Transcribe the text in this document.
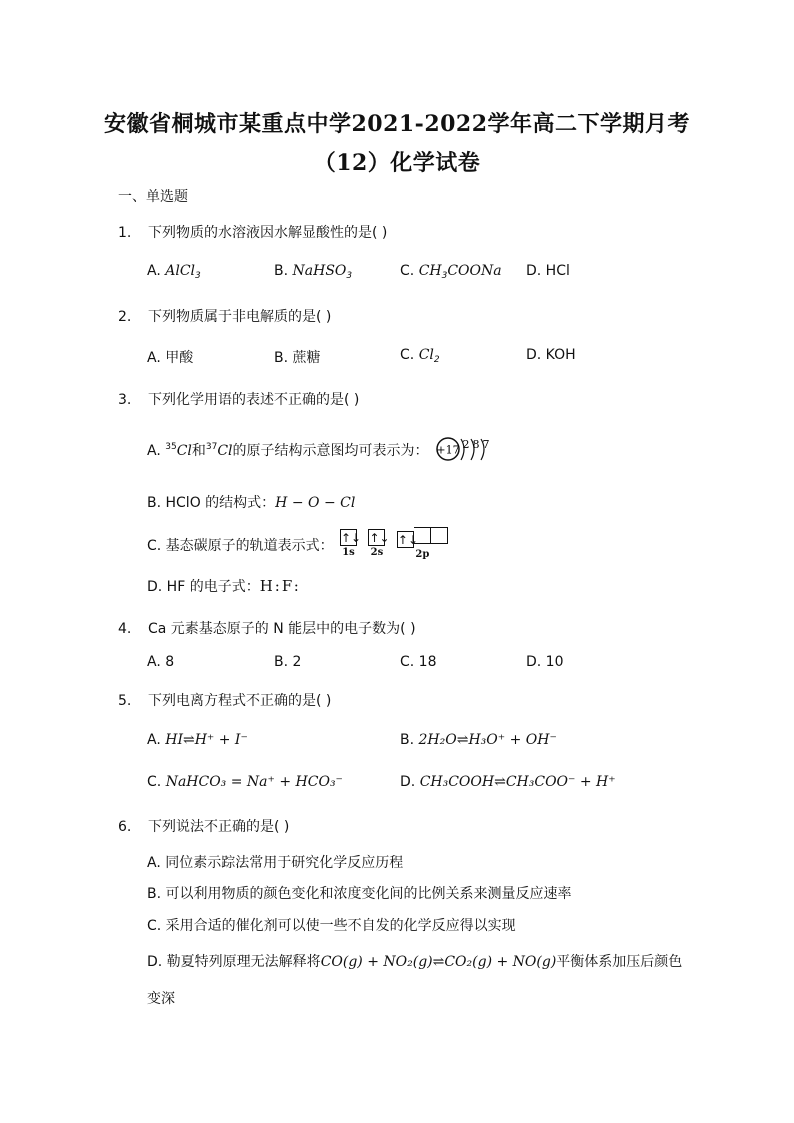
安徽省桐城市某重点中学2021-2022学年高二下学期月考
（12）化学试卷
一、单选题
1. 下列物质的水溶液因水解显酸性的是( )
A. AlCl$_3$	B. NaHSO$_3$	C. $CH_3COONa$ D. HCl
2. 下列物质属于非电解质的是( )
A. 甲酸	B. 蔗糖	C. $Cl_2$	D. KOH
3. 下列化学用语的表述不正确的是( )
A. $^{35}$Cl和$^{37}$Cl的原子结构示意图均可表示为： +17 2 8 7
B. HClO 的结构式：H − O − Cl
C. 基态碳原子的轨道表示式： ↑↓
1s
↑↓
2s
↑↓
2p
D. HF 的电子式：H:F:
4. Ca 元素基态原子的 N 能层中的电子数为( )
A. 8	B. 2	C. 18	D. 10
5. 下列电离方程式不正确的是( )
A. HI⇌H⁺ + I⁻	B. 2H₂O⇌H₃O⁺ + OH⁻
C. NaHCO₃ = Na⁺ + HCO₃⁻	D. CH₃COOH⇌CH₃COO⁻ + H⁺
6. 下列说法不正确的是( )
A. 同位素示踪法常用于研究化学反应历程
B. 可以利用物质的颜色变化和浓度变化间的比例关系来测量反应速率
C. 采用合适的催化剂可以使一些不自发的化学反应得以实现
D. 勒夏特列原理无法解释将CO(g) + NO₂(g)⇌CO₂(g) + NO(g)平衡体系加压后颜色
变深
